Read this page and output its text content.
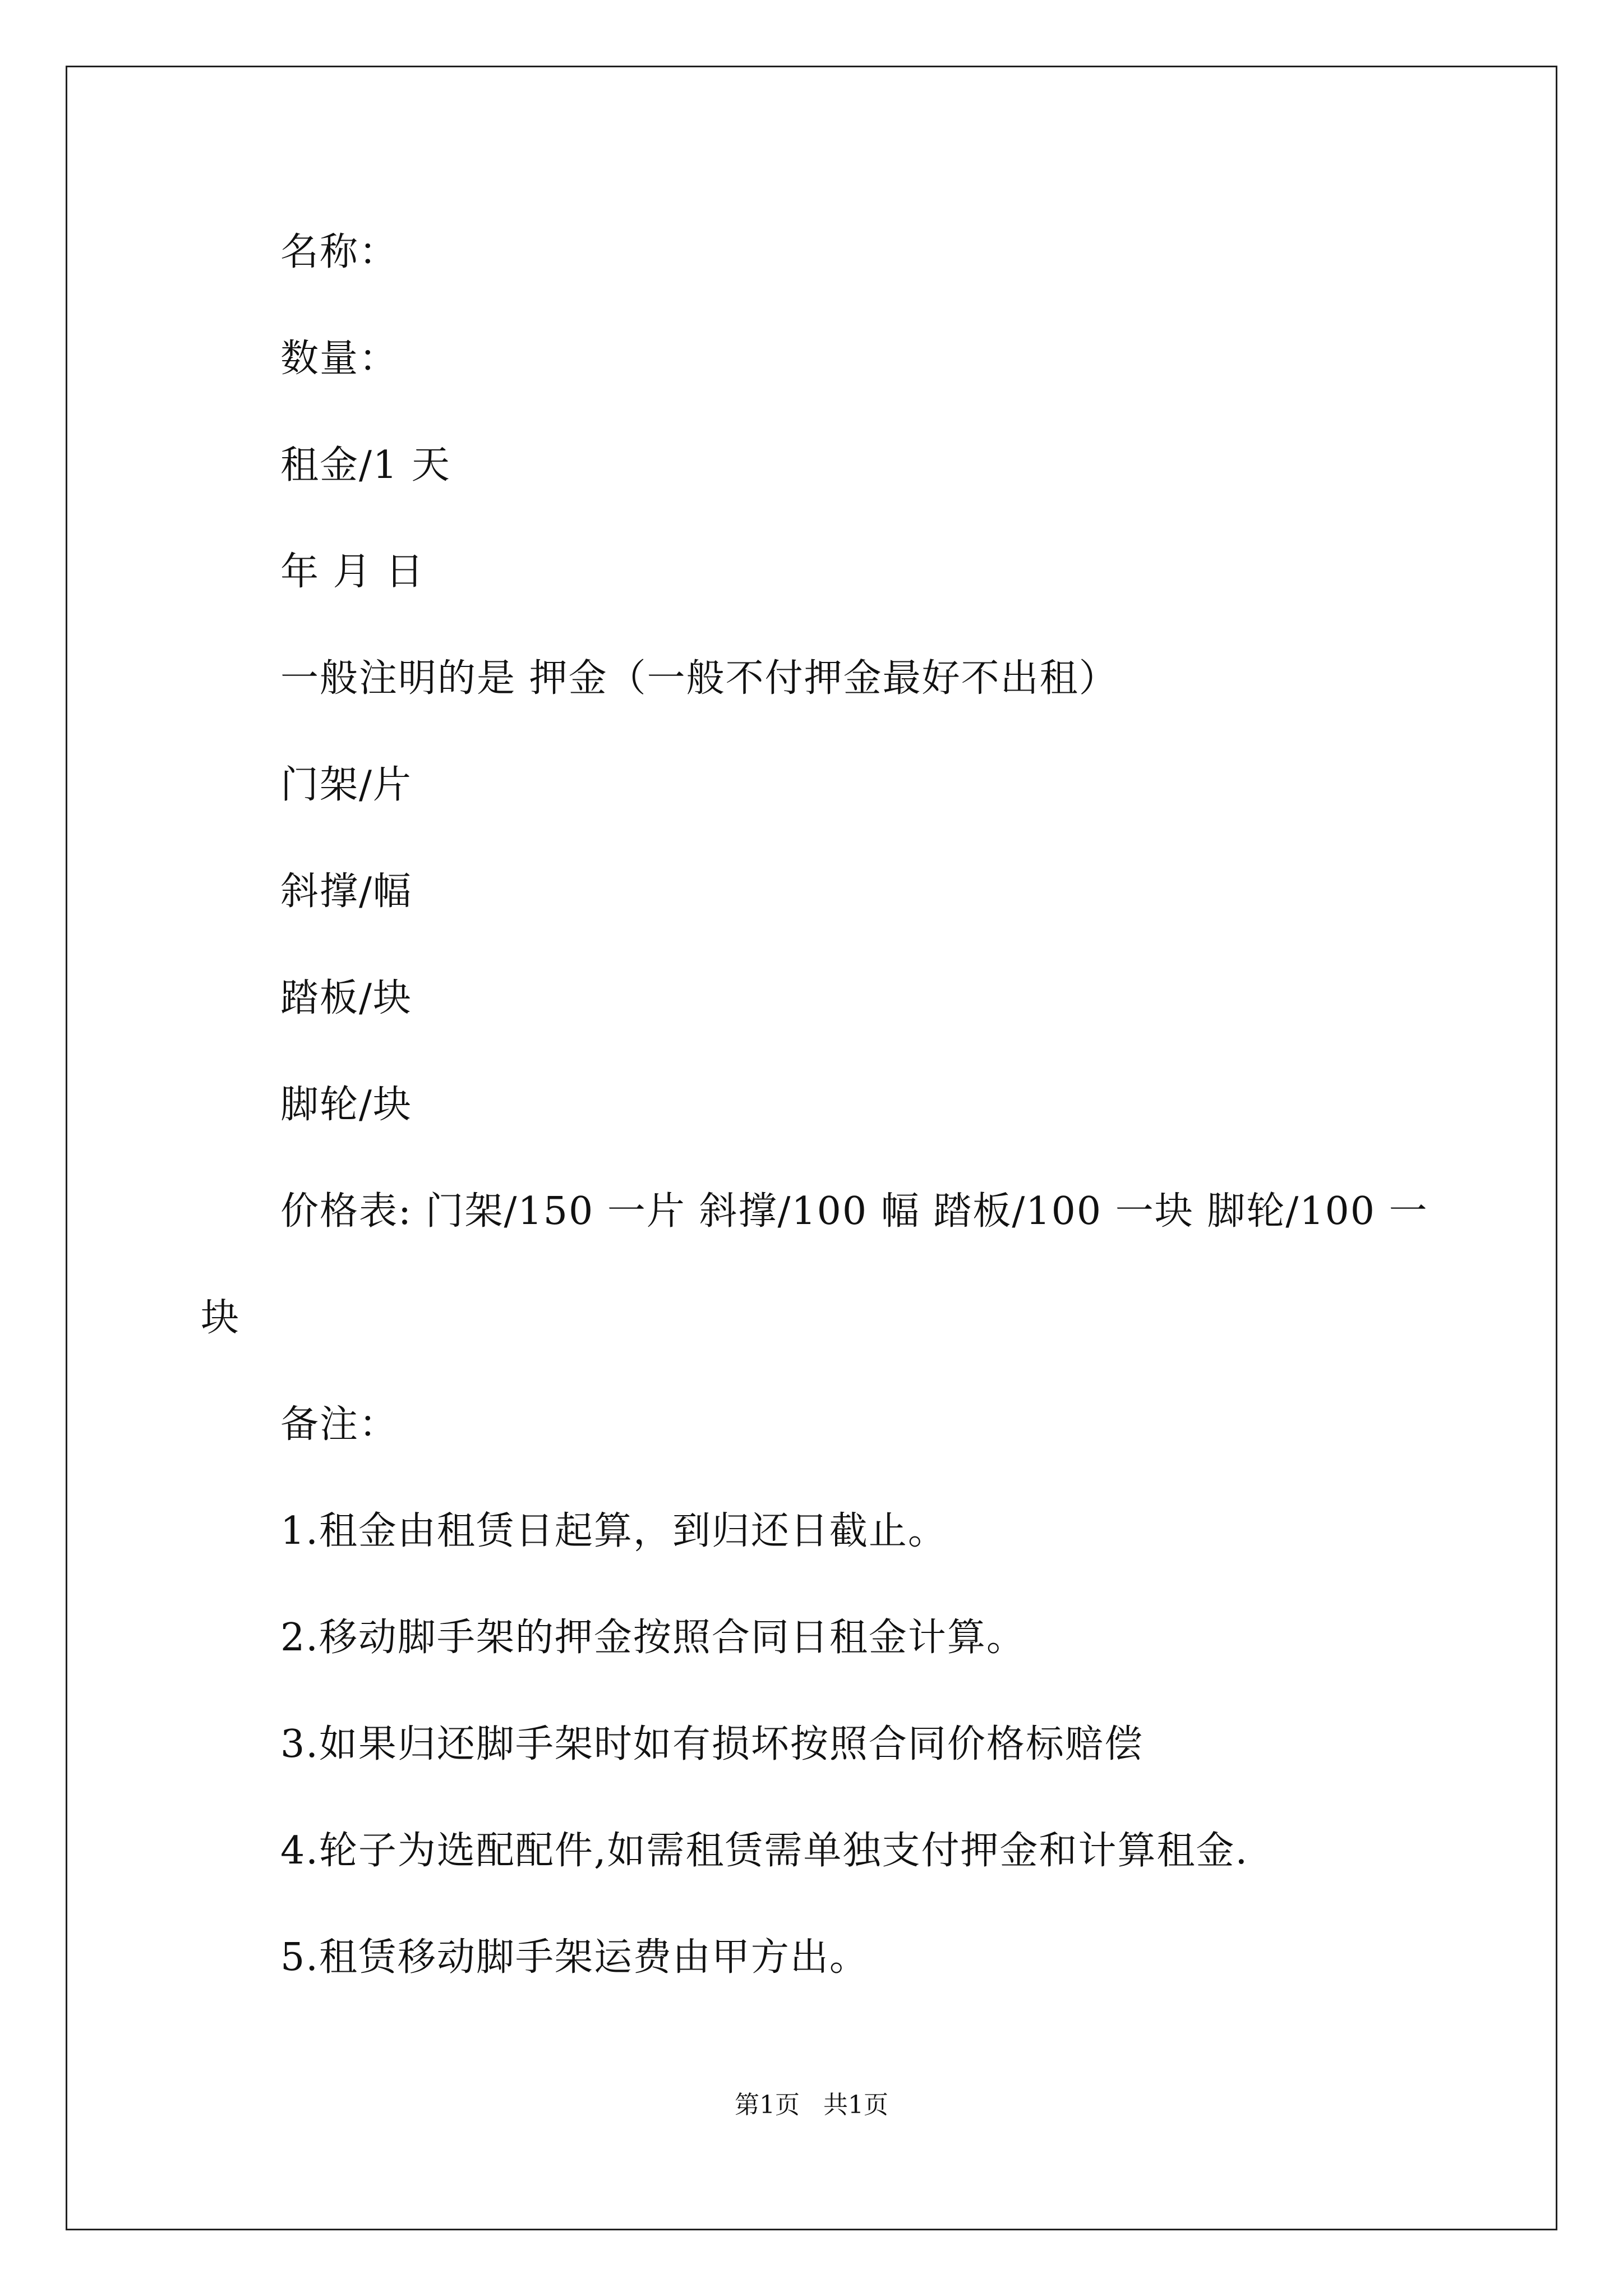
名称：
数量：
租金/1 天
年 月 日
一般注明的是 押金（一般不付押金最好不出租）
门架/片
斜撑/幅
踏板/块
脚轮/块
价格表: 门架/150 一片 斜撑/100 幅 踏板/100 一块 脚轮/100 一
块
备注：
1.租金由租赁日起算，到归还日截止。
2.移动脚手架的押金按照合同日租金计算。
3.如果归还脚手架时如有损坏按照合同价格标赔偿
4.轮子为选配配件,如需租赁需单独支付押金和计算租金.
5.租赁移动脚手架运费由甲方出。
第1页   共1页
